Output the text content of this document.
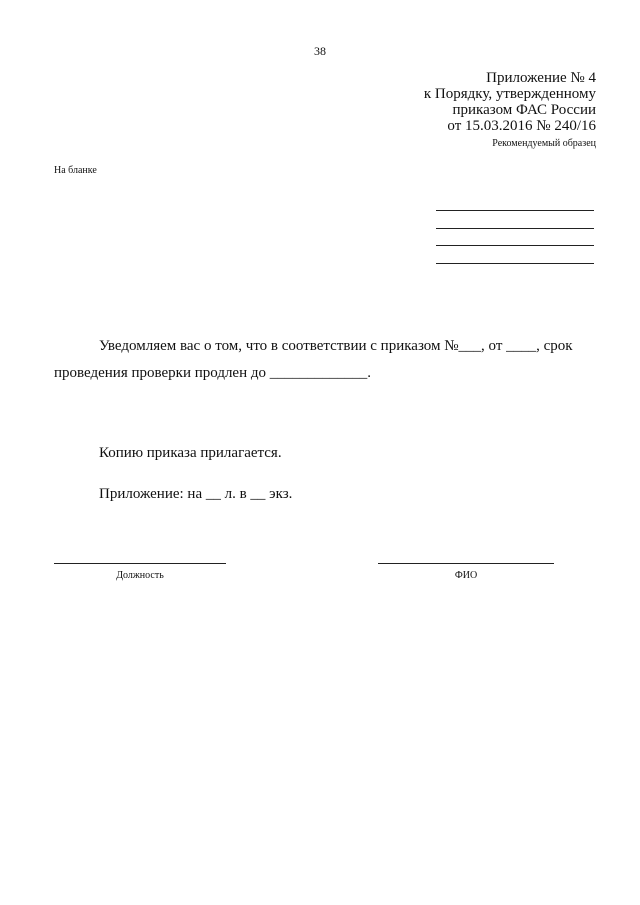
38
Приложение № 4
к Порядку, утвержденному
приказом ФАС России
от 15.03.2016 № 240/16
Рекомендуемый образец
На бланке
Уведомляем вас о том, что в соответствии с приказом №___, от ____, срок проведения проверки продлен до _____________.
Копию приказа прилагается.
Приложение: на __ л. в __ экз.
Должность	ФИО
